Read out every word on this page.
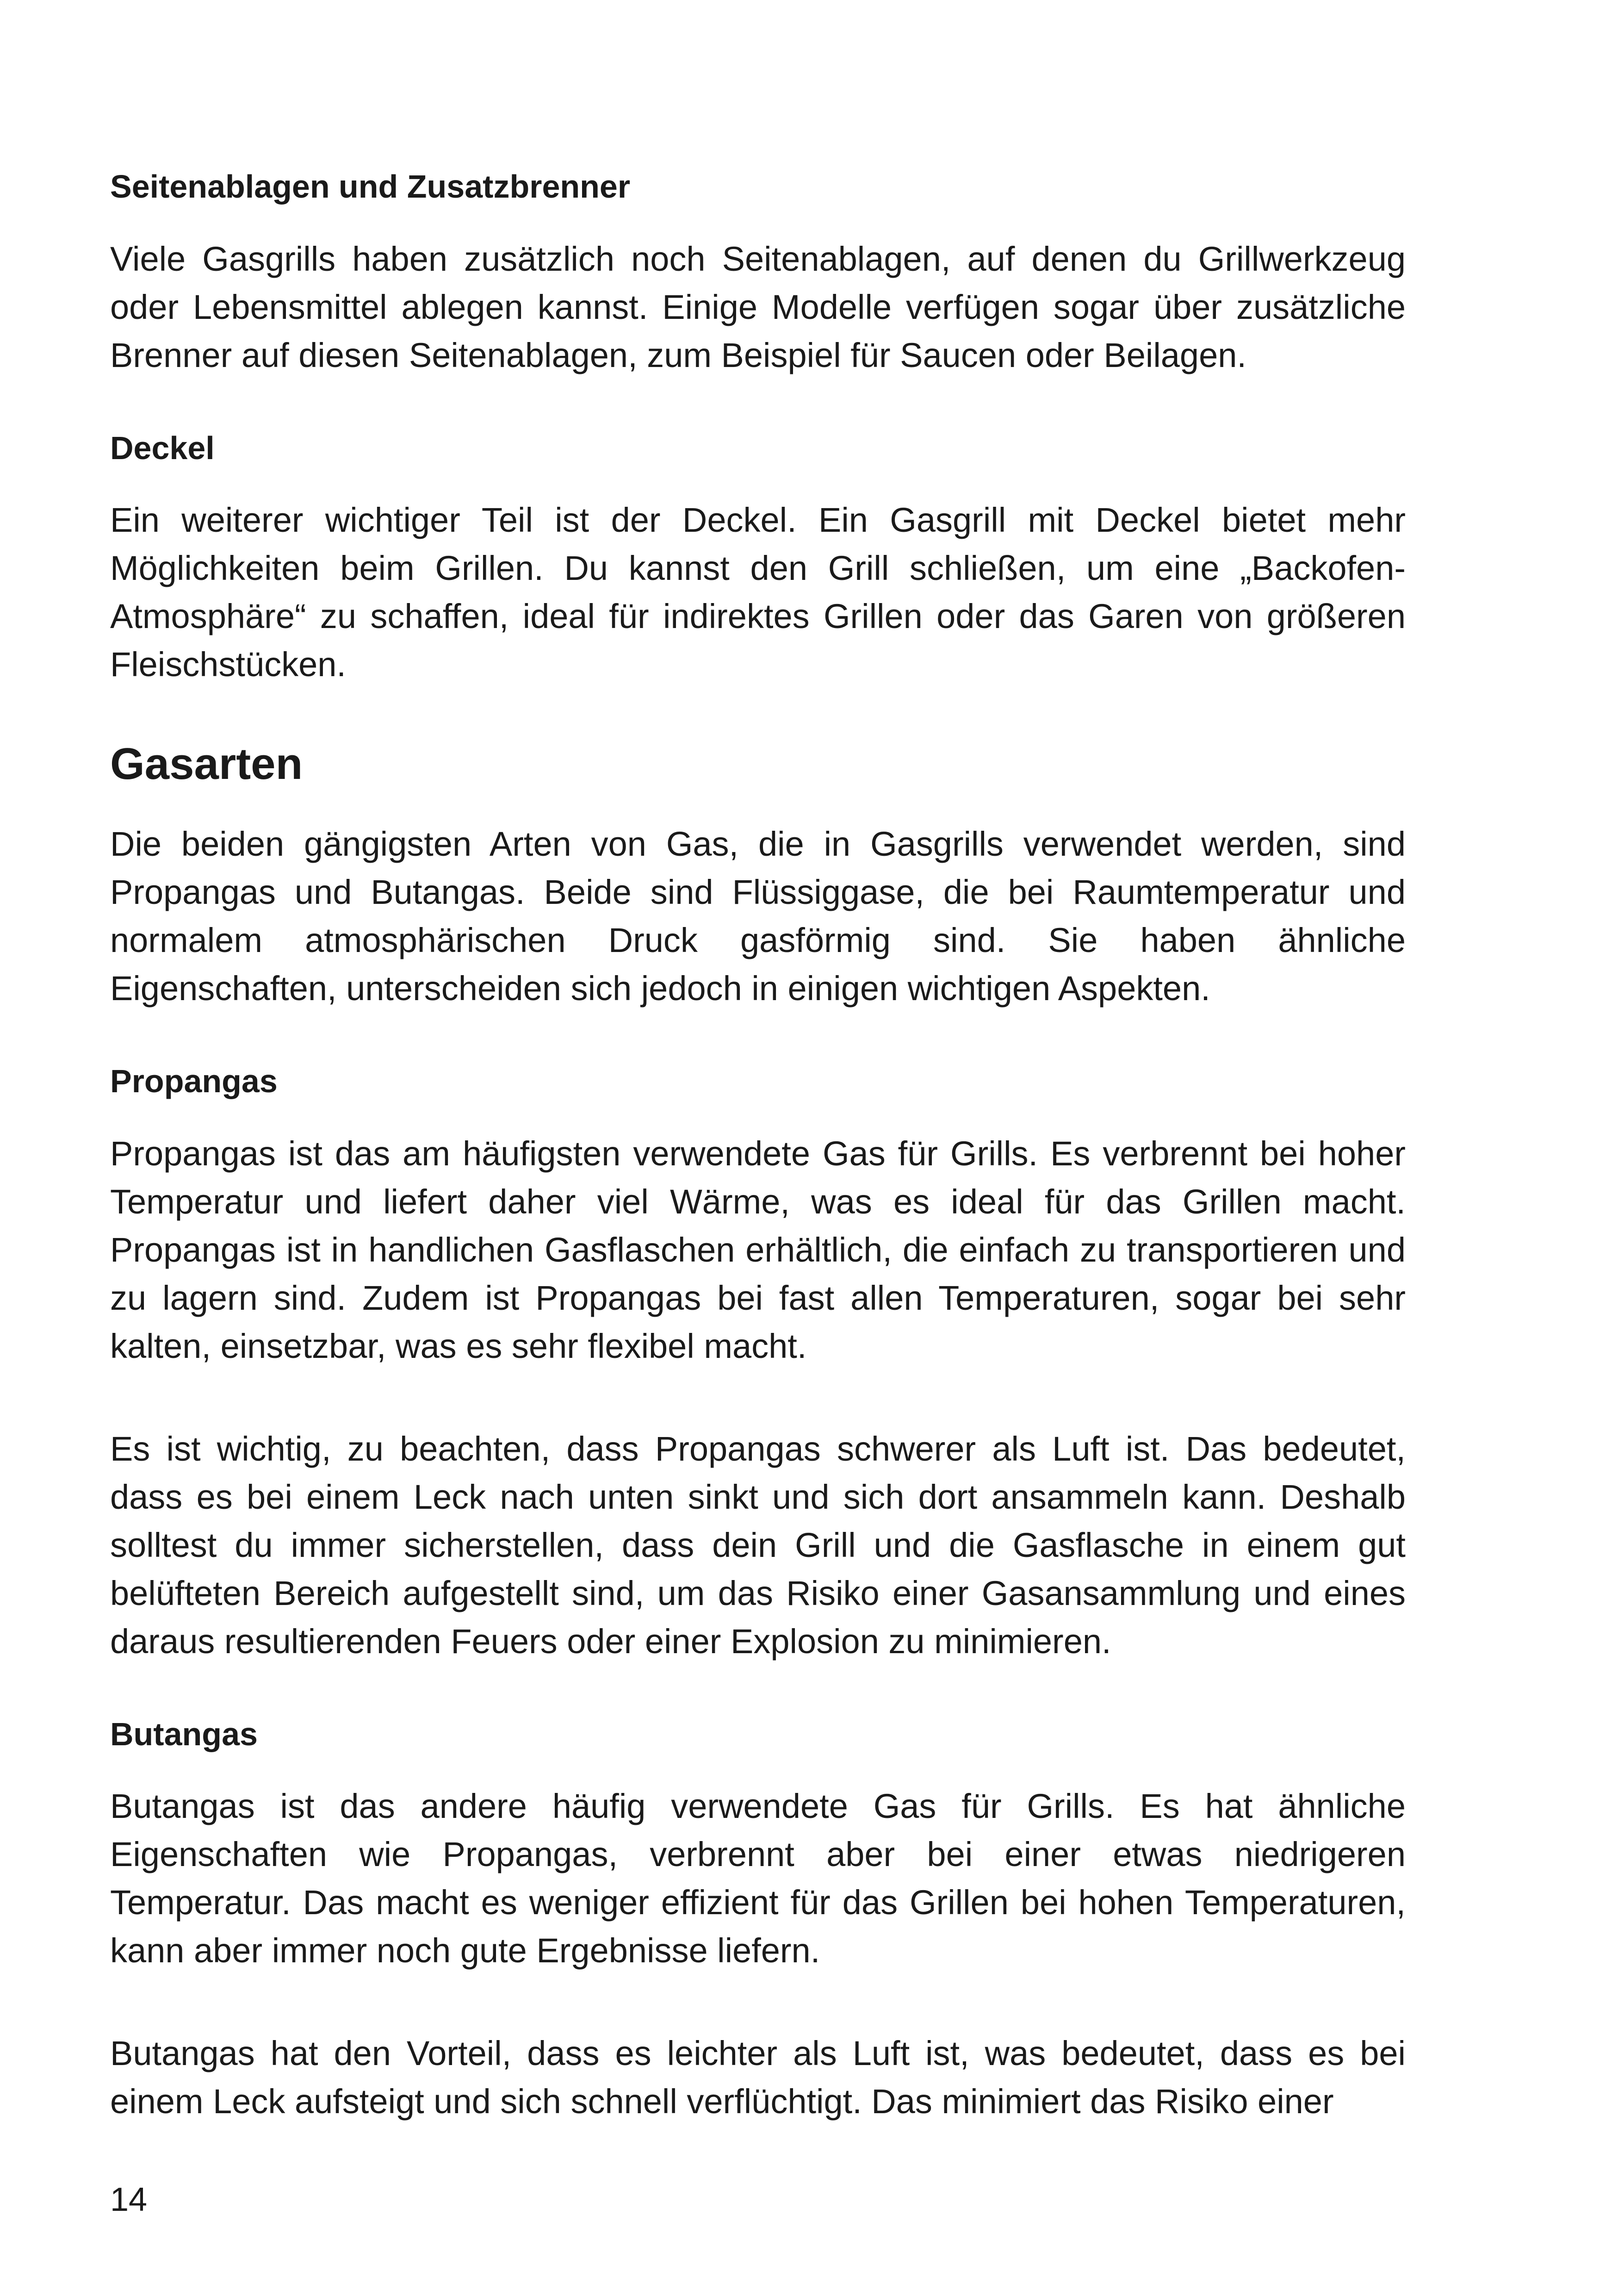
Seitenablagen und Zusatzbrenner

Viele Gasgrills haben zusätzlich noch Seitenablagen, auf denen du Grillwerkzeug oder Lebensmittel ablegen kannst. Einige Modelle verfügen sogar über zusätzliche Brenner auf diesen Seitenablagen, zum Beispiel für Saucen oder Beilagen.

Deckel

Ein weiterer wichtiger Teil ist der Deckel. Ein Gasgrill mit Deckel bietet mehr Möglichkeiten beim Grillen. Du kannst den Grill schließen, um eine „Backofen-Atmosphäre“ zu schaffen, ideal für indirektes Grillen oder das Garen von größeren Fleischstücken.

Gasarten

Die beiden gängigsten Arten von Gas, die in Gasgrills verwendet werden, sind Propangas und Butangas. Beide sind Flüssiggase, die bei Raumtemperatur und normalem atmosphärischen Druck gasförmig sind. Sie haben ähnliche Eigenschaften, unterscheiden sich jedoch in einigen wichtigen Aspekten.

Propangas

Propangas ist das am häufigsten verwendete Gas für Grills. Es verbrennt bei hoher Temperatur und liefert daher viel Wärme, was es ideal für das Grillen macht. Propangas ist in handlichen Gasflaschen erhältlich, die einfach zu transportieren und zu lagern sind. Zudem ist Propangas bei fast allen Temperaturen, sogar bei sehr kalten, einsetzbar, was es sehr flexibel macht.

Es ist wichtig, zu beachten, dass Propangas schwerer als Luft ist. Das bedeutet, dass es bei einem Leck nach unten sinkt und sich dort ansammeln kann. Deshalb solltest du immer sicherstellen, dass dein Grill und die Gasflasche in einem gut belüfteten Bereich aufgestellt sind, um das Risiko einer Gasansammlung und eines daraus resultierenden Feuers oder einer Explosion zu minimieren.

Butangas

Butangas ist das andere häufig verwendete Gas für Grills. Es hat ähnliche Eigenschaften wie Propangas, verbrennt aber bei einer etwas niedrigeren Temperatur. Das macht es weniger effizient für das Grillen bei hohen Temperaturen, kann aber immer noch gute Ergebnisse liefern.

Butangas hat den Vorteil, dass es leichter als Luft ist, was bedeutet, dass es bei einem Leck aufsteigt und sich schnell verflüchtigt. Das minimiert das Risiko einer

14
